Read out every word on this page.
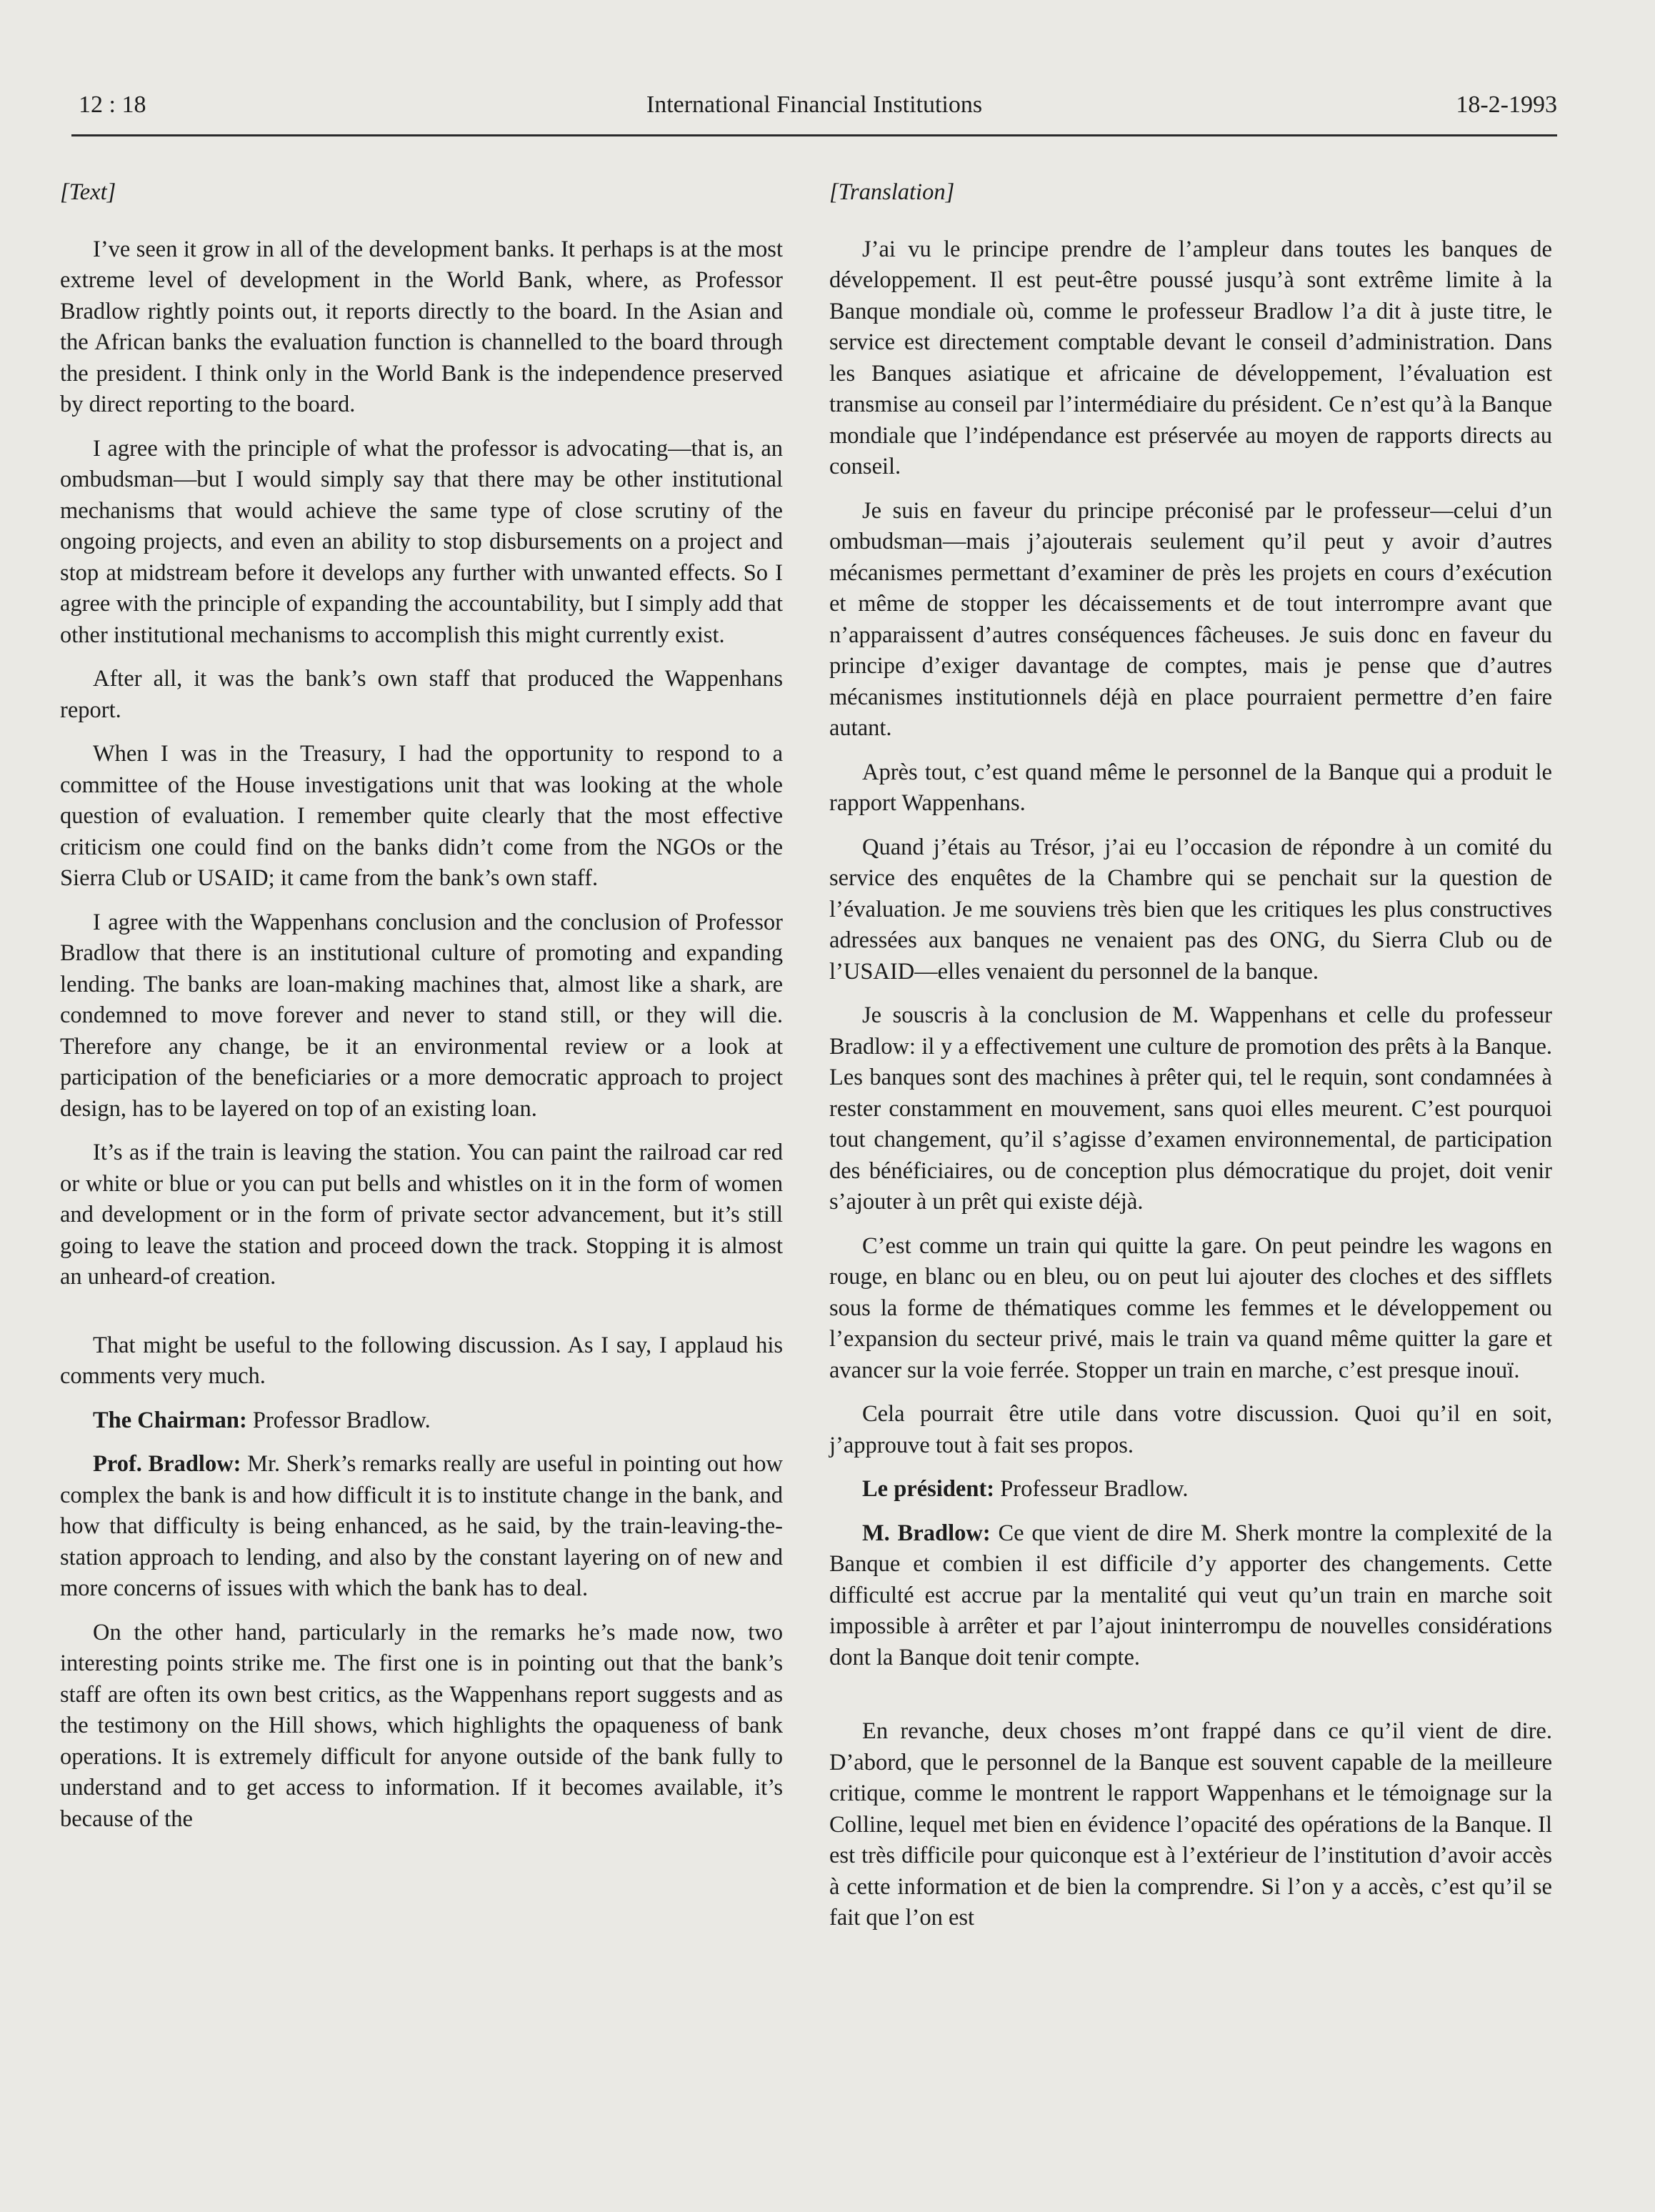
12 : 18	International Financial Institutions	18-2-1993
[Text]

I’ve seen it grow in all of the development banks. It perhaps is at the most extreme level of development in the World Bank, where, as Professor Bradlow rightly points out, it reports directly to the board. In the Asian and the African banks the evaluation function is channelled to the board through the president. I think only in the World Bank is the independence preserved by direct reporting to the board.

I agree with the principle of what the professor is advocating—that is, an ombudsman—but I would simply say that there may be other institutional mechanisms that would achieve the same type of close scrutiny of the ongoing projects, and even an ability to stop disbursements on a project and stop at midstream before it develops any further with unwanted effects. So I agree with the principle of expanding the accountability, but I simply add that other institutional mechanisms to accomplish this might currently exist.

After all, it was the bank’s own staff that produced the Wappenhans report.

When I was in the Treasury, I had the opportunity to respond to a committee of the House investigations unit that was looking at the whole question of evaluation. I remember quite clearly that the most effective criticism one could find on the banks didn’t come from the NGOs or the Sierra Club or USAID; it came from the bank’s own staff.

I agree with the Wappenhans conclusion and the conclusion of Professor Bradlow that there is an institutional culture of promoting and expanding lending. The banks are loan-making machines that, almost like a shark, are condemned to move forever and never to stand still, or they will die. Therefore any change, be it an environmental review or a look at participation of the beneficiaries or a more democratic approach to project design, has to be layered on top of an existing loan.

It’s as if the train is leaving the station. You can paint the railroad car red or white or blue or you can put bells and whistles on it in the form of women and development or in the form of private sector advancement, but it’s still going to leave the station and proceed down the track. Stopping it is almost an unheard-of creation.

That might be useful to the following discussion. As I say, I applaud his comments very much.

The Chairman: Professor Bradlow.

Prof. Bradlow: Mr. Sherk’s remarks really are useful in pointing out how complex the bank is and how difficult it is to institute change in the bank, and how that difficulty is being enhanced, as he said, by the train-leaving-the-station approach to lending, and also by the constant layering on of new and more concerns of issues with which the bank has to deal.

On the other hand, particularly in the remarks he’s made now, two interesting points strike me. The first one is in pointing out that the bank’s staff are often its own best critics, as the Wappenhans report suggests and as the testimony on the Hill shows, which highlights the opaqueness of bank operations. It is extremely difficult for anyone outside of the bank fully to understand and to get access to information. If it becomes available, it’s because of the

[Translation]

J’ai vu le principe prendre de l’ampleur dans toutes les banques de développement. Il est peut-être poussé jusqu’à sont extrême limite à la Banque mondiale où, comme le professeur Bradlow l’a dit à juste titre, le service est directement comptable devant le conseil d’administration. Dans les Banques asiatique et africaine de développement, l’évaluation est transmise au conseil par l’intermédiaire du président. Ce n’est qu’à la Banque mondiale que l’indépendance est préservée au moyen de rapports directs au conseil.

Je suis en faveur du principe préconisé par le professeur—celui d’un ombudsman—mais j’ajouterais seulement qu’il peut y avoir d’autres mécanismes permettant d’examiner de près les projets en cours d’exécution et même de stopper les décaissements et de tout interrompre avant que n’apparaissent d’autres conséquences fâcheuses. Je suis donc en faveur du principe d’exiger davantage de comptes, mais je pense que d’autres mécanismes institutionnels déjà en place pourraient permettre d’en faire autant.

Après tout, c’est quand même le personnel de la Banque qui a produit le rapport Wappenhans.

Quand j’étais au Trésor, j’ai eu l’occasion de répondre à un comité du service des enquêtes de la Chambre qui se penchait sur la question de l’évaluation. Je me souviens très bien que les critiques les plus constructives adressées aux banques ne venaient pas des ONG, du Sierra Club ou de l’USAID—elles venaient du personnel de la banque.

Je souscris à la conclusion de M. Wappenhans et celle du professeur Bradlow: il y a effectivement une culture de promotion des prêts à la Banque. Les banques sont des machines à prêter qui, tel le requin, sont condamnées à rester constamment en mouvement, sans quoi elles meurent. C’est pourquoi tout changement, qu’il s’agisse d’examen environnemental, de participation des bénéficiaires, ou de conception plus démocratique du projet, doit venir s’ajouter à un prêt qui existe déjà.

C’est comme un train qui quitte la gare. On peut peindre les wagons en rouge, en blanc ou en bleu, ou on peut lui ajouter des cloches et des sifflets sous la forme de thématiques comme les femmes et le développement ou l’expansion du secteur privé, mais le train va quand même quitter la gare et avancer sur la voie ferrée. Stopper un train en marche, c’est presque inouï.

Cela pourrait être utile dans votre discussion. Quoi qu’il en soit, j’approuve tout à fait ses propos.

Le président: Professeur Bradlow.

M. Bradlow: Ce que vient de dire M. Sherk montre la complexité de la Banque et combien il est difficile d’y apporter des changements. Cette difficulté est accrue par la mentalité qui veut qu’un train en marche soit impossible à arrêter et par l’ajout ininterrompu de nouvelles considérations dont la Banque doit tenir compte.

En revanche, deux choses m’ont frappé dans ce qu’il vient de dire. D’abord, que le personnel de la Banque est souvent capable de la meilleure critique, comme le montrent le rapport Wappenhans et le témoignage sur la Colline, lequel met bien en évidence l’opacité des opérations de la Banque. Il est très difficile pour quiconque est à l’extérieur de l’institution d’avoir accès à cette information et de bien la comprendre. Si l’on y a accès, c’est qu’il se fait que l’on est
